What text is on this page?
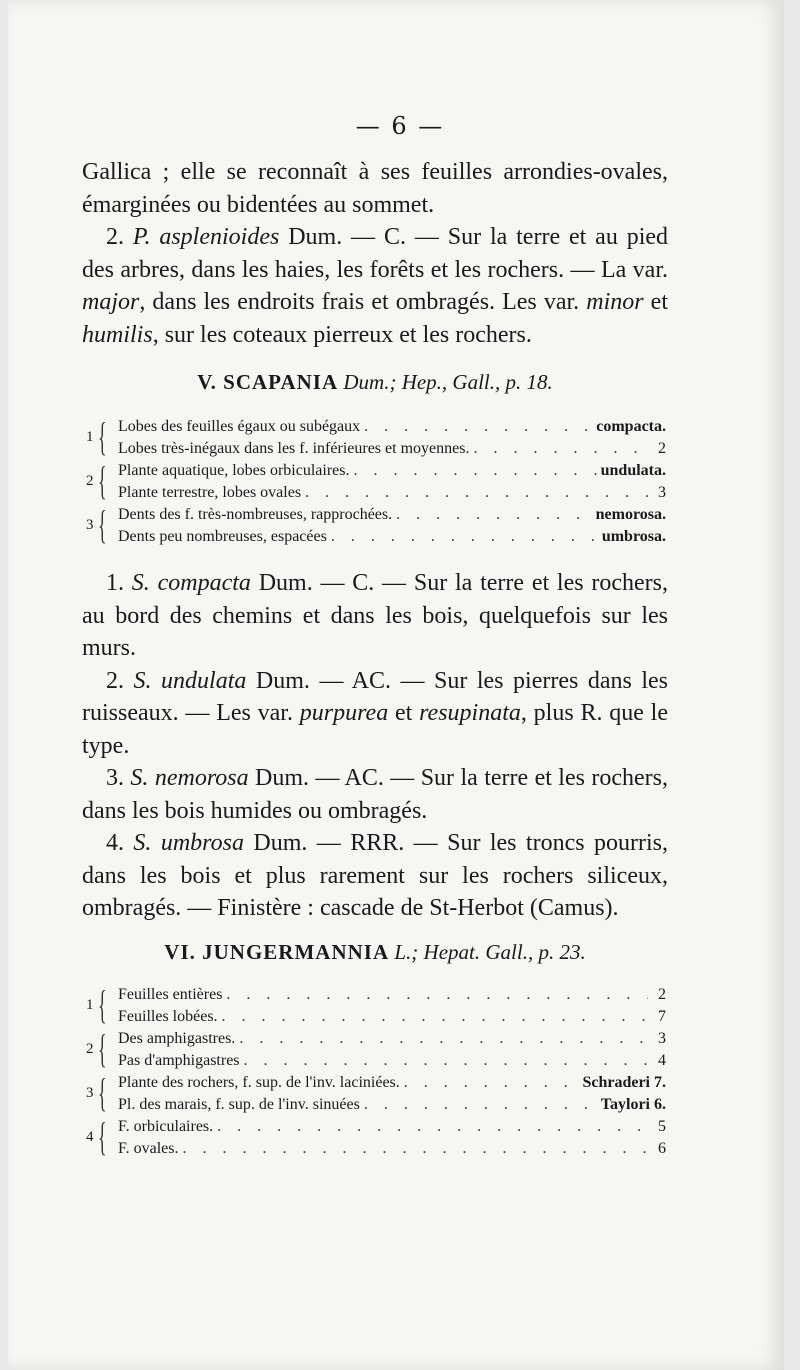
— 6 —

Gallica ; elle se reconnaît à ses feuilles arrondies-ovales, émarginées ou bidentées au sommet.

2. P. asplenioides Dum. — C. — Sur la terre et au pied des arbres, dans les haies, les forêts et les rochers. — La var. major, dans les endroits frais et ombragés. Les var. minor et humilis, sur les coteaux pierreux et les rochers.

V. SCAPANIA Dum.; Hep., Gall., p. 18.
1 { Lobes des feuilles égaux ou subégaux . . .	compacta.
Lobes très-inégaux dans les f. inférieures et moyennes. . . .	2
2 { Plante aquatique, lobes orbiculaires. . . .	undulata.
Plante terrestre, lobes ovales . . .	3
3 { Dents des f. très-nombreuses, rapprochées. . . .	nemorosa.
Dents peu nombreuses, espacées . . .	umbrosa.

1. S. compacta Dum. — C. — Sur la terre et les rochers, au bord des chemins et dans les bois, quelquefois sur les murs.

2. S. undulata Dum. — AC. — Sur les pierres dans les ruisseaux. — Les var. purpurea et resupinata, plus R. que le type.

3. S. nemorosa Dum. — AC. — Sur la terre et les rochers, dans les bois humides ou ombragés.

4. S. umbrosa Dum. — RRR. — Sur les troncs pourris, dans les bois et plus rarement sur les rochers siliceux, ombragés. — Finistère : cascade de St-Herbot (Camus).

VI. JUNGERMANNIA L.; Hepat. Gall., p. 23.
1 { Feuilles entières . . .	2
Feuilles lobées. . . .	7
2 { Des amphigastres. . . .	3
Pas d'amphigastres . . .	4
3 { Plante des rochers, f. sup. de l'inv. laciniées. . . .	Schraderi 7.
Pl. des marais, f. sup. de l'inv. sinuées . . .	Taylori 6.
4 { F. orbiculaires. . . .	5
F. ovales. . . .	6
